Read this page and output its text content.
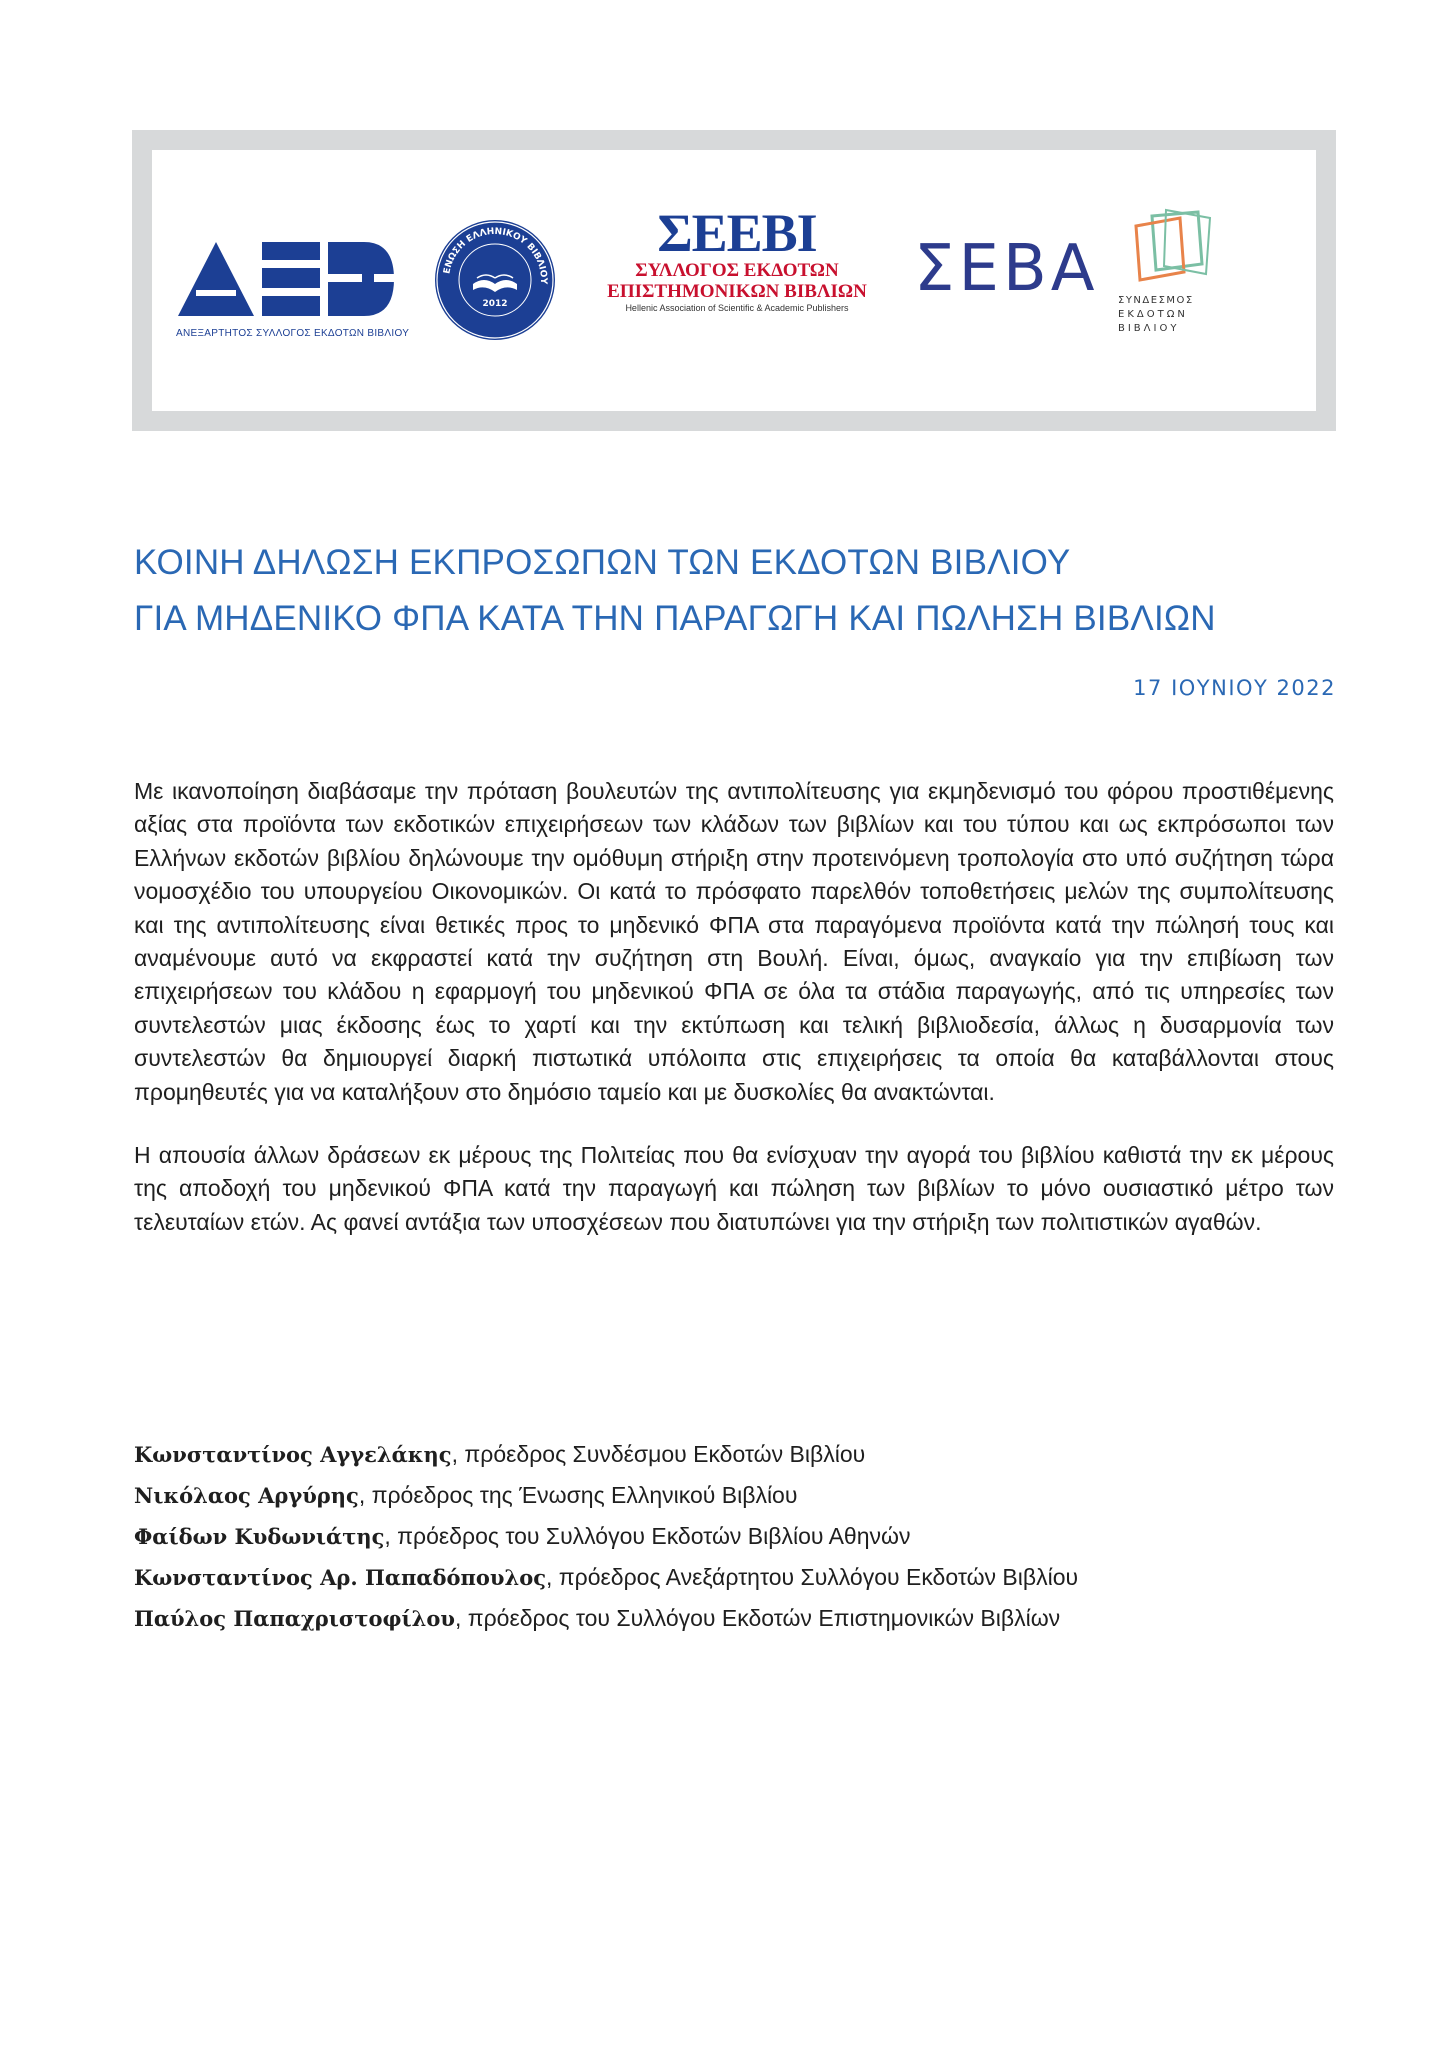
ΑΝΕΞΑΡΤΗΤΟΣ ΣΥΛΛΟΓΟΣ ΕΚΔΟΤΩΝ ΒΙΒΛΙΟΥ
ΕΝΩΣΗ ΕΛΛΗΝΙΚΟΥ ΒΙΒΛΙΟΥ
2012
ΣΕΕΒΙ
ΣΥΛΛΟΓΟΣ ΕΚΔΟΤΩΝ
ΕΠΙΣΤΗΜΟΝΙΚΩΝ ΒΙΒΛΙΩΝ
Hellenic Association of Scientific & Academic Publishers
ΣΕΒΑ ΣΥΝΔΕΣΜΟΣ
ΕΚΔΟΤΩΝ
ΒΙΒΛΙΟΥ
ΚΟΙΝΗ ΔΗΛΩΣΗ ΕΚΠΡΟΣΩΠΩΝ ΤΩΝ ΕΚΔΟΤΩΝ ΒΙΒΛΙΟΥ
ΓΙΑ ΜΗΔΕΝΙΚΟ ΦΠΑ ΚΑΤΑ ΤΗΝ ΠΑΡΑΓΩΓΗ ΚΑΙ ΠΩΛΗΣΗ ΒΙΒΛΙΩΝ
17 ΙΟΥΝΙΟΥ 2022

Με ικανοποίηση διαβάσαμε την πρόταση βουλευτών της αντιπολίτευσης για εκμηδενισμό του φόρου προστιθέμενης αξίας στα προϊόντα των εκδοτικών επιχειρήσεων των κλάδων των βιβλίων και του τύπου και ως εκπρόσωποι των Ελλήνων εκδοτών βιβλίου δηλώνουμε την ομόθυμη στήριξη στην προτεινόμενη τροπολογία στο υπό συζήτηση τώρα νομοσχέδιο του υπουργείου Οικονομικών. Οι κατά το πρόσφατο παρελθόν τοποθετήσεις μελών της συμπολίτευσης και της αντιπολίτευσης είναι θετικές προς το μηδενικό ΦΠΑ στα παραγόμενα προϊόντα κατά την πώλησή τους και αναμένουμε αυτό να εκφραστεί κατά την συζήτηση στη Βουλή. Είναι, όμως, αναγκαίο για την επιβίωση των επιχειρήσεων του κλάδου η εφαρμογή του μηδενικού ΦΠΑ σε όλα τα στάδια παραγωγής, από τις υπηρεσίες των συντελεστών μιας έκδοσης έως το χαρτί και την εκτύπωση και τελική βιβλιοδεσία, άλλως η δυσαρμονία των συντελεστών θα δημιουργεί διαρκή πιστωτικά υπόλοιπα στις επιχειρήσεις τα οποία θα καταβάλλονται στους προμηθευτές για να καταλήξουν στο δημόσιο ταμείο και με δυσκολίες θα ανακτώνται.

Η απουσία άλλων δράσεων εκ μέρους της Πολιτείας που θα ενίσχυαν την αγορά του βιβλίου καθιστά την εκ μέρους της αποδοχή του μηδενικού ΦΠΑ κατά την παραγωγή και πώληση των βιβλίων το μόνο ουσιαστικό μέτρο των τελευταίων ετών. Ας φανεί αντάξια των υποσχέσεων που διατυπώνει για την στήριξη των πολιτιστικών αγαθών.

Κωνσταντίνος Αγγελάκης, πρόεδρος Συνδέσμου Εκδοτών Βιβλίου
Νικόλαος Αργύρης, πρόεδρος της Ένωσης Ελληνικού Βιβλίου
Φαίδων Κυδωνιάτης, πρόεδρος του Συλλόγου Εκδοτών Βιβλίου Αθηνών
Κωνσταντίνος Αρ. Παπαδόπουλος, πρόεδρος Ανεξάρτητου Συλλόγου Εκδοτών Βιβλίου
Παύλος Παπαχριστοφίλου, πρόεδρος του Συλλόγου Εκδοτών Επιστημονικών Βιβλίων
